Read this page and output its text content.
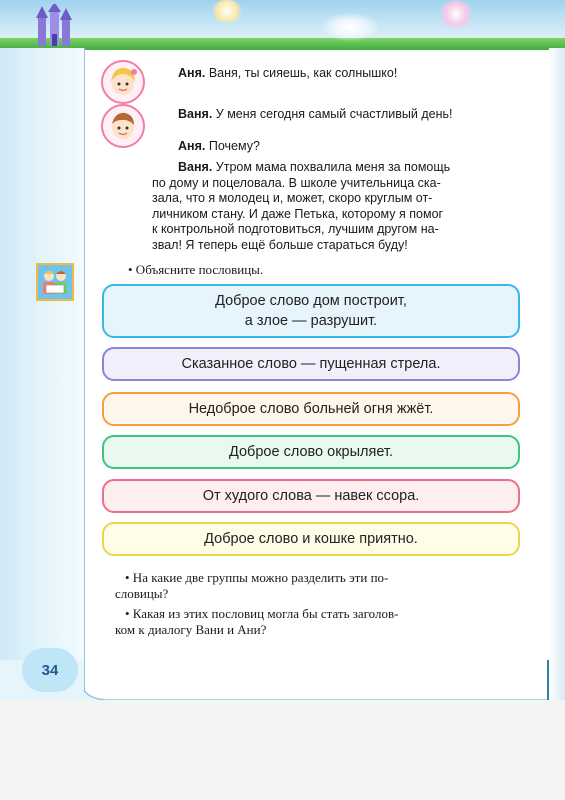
Аня. Ваня, ты сияешь, как солнышко!
Ваня. У меня сегодня самый счастливый день!
Аня. Почему?

Ваня. Утром мама похвалила меня за помощь

по дому и поцеловала. В школе учительница ска-

зала, что я молодец и, может, скоро круглым от-

личником стану. И даже Петька, которому я помог

к контрольной подготовиться, лучшим другом на-

звал! Я теперь ещё больше стараться буду!

• Объясните пословицы.
Доброе слово дом построит,
а злое — разрушит.
Сказанное слово — пущенная стрела.
Недоброе слово больней огня жжёт.
Доброе слово окрыляет.
От худого слова — навек ссора.
Доброе слово и кошке приятно.
• На какие две группы можно разделить эти по-
словицы?
• Какая из этих пословиц могла бы стать заголов-
ком к диалогу Вани и Ани?
34
